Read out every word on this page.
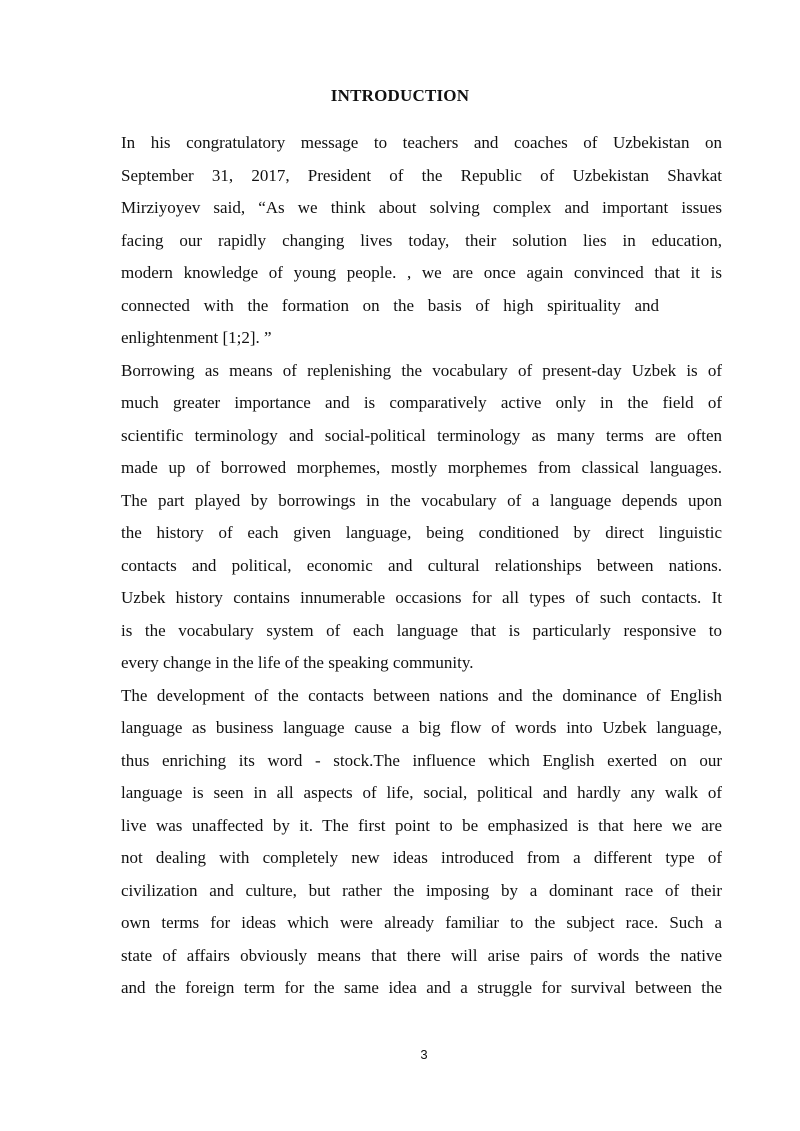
INTRODUCTION
In his congratulatory message to teachers and coaches of Uzbekistan on
September 31, 2017, President of the Republic of Uzbekistan Shavkat
Mirziyoyev said, “As we think about solving complex and important issues
facing our rapidly changing lives today, their solution lies in education,
modern knowledge of young people. , we are once again convinced that it is
connected with the formation on the basis of high spirituality and
enlightenment [1;2]. ”
Borrowing as means of replenishing the vocabulary of present-day Uzbek is of
much greater importance and is comparatively active only in the field of
scientific terminology and social-political terminology as many terms are often
made up of borrowed morphemes, mostly morphemes from classical languages.
The part played by borrowings in the vocabulary of a language depends upon
the history of each given language, being conditioned by direct linguistic
contacts and political, economic and cultural relationships between nations.
Uzbek history contains innumerable occasions for all types of such contacts. It
is the vocabulary system of each language that is particularly responsive to
every change in the life of the speaking community.
The development of the contacts between nations and the dominance of English
language as business language cause a big flow of words into Uzbek language,
thus enriching its word - stock.The influence which English exerted on our
language is seen in all aspects of life, social, political and hardly any walk of
live was unaffected by it. The first point to be emphasized is that here we are
not dealing with completely new ideas introduced from a different type of
civilization and culture, but rather the imposing by a dominant race of their
own terms for ideas which were already familiar to the subject race. Such a
state of affairs obviously means that there will arise pairs of words the native
and the foreign term for the same idea and a struggle for survival between the
3
